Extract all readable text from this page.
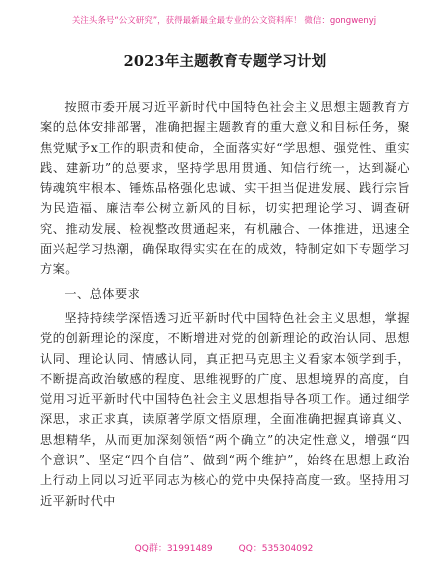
关注头条号“公文研究”，获得最新最全最专业的公文资料库！ 微信：gongwenyj
2023年主题教育专题学习计划

按照市委开展习近平新时代中国特色社会主义思想主题教育方案的总体安排部署，准确把握主题教育的重大意义和目标任务，聚焦党赋予x工作的职责和使命，全面落实好“学思想、强党性、重实践、建新功”的总要求，坚持学思用贯通、知信行统一，达到凝心铸魂筑牢根本、锤炼品格强化忠诚、实干担当促进发展、践行宗旨为民造福、廉洁奉公树立新风的目标，切实把理论学习、调查研究、推动发展、检视整改贯通起来，有机融合、一体推进，迅速全面兴起学习热潮，确保取得实实在在的成效，特制定如下专题学习方案。

一、总体要求

坚持持续学深悟透习近平新时代中国特色社会主义思想，掌握党的创新理论的深度，不断增进对党的创新理论的政治认同、思想认同、理论认同、情感认同，真正把马克思主义看家本领学到手，不断提高政治敏感的程度、思维视野的广度、思想境界的高度，自觉用习近平新时代中国特色社会主义思想指导各项工作。通过细学深思，求正求真，读原著学原文悟原理，全面准确把握真谛真义、思想精华，从而更加深刻领悟“两个确立”的决定性意义，增强“四个意识”、坚定“四个自信”、做到“两个维护”，始终在思想上政治上行动上同以习近平同志为核心的党中央保持高度一致。坚持用习近平新时代中

QQ群：31991489	QQ：535304092
